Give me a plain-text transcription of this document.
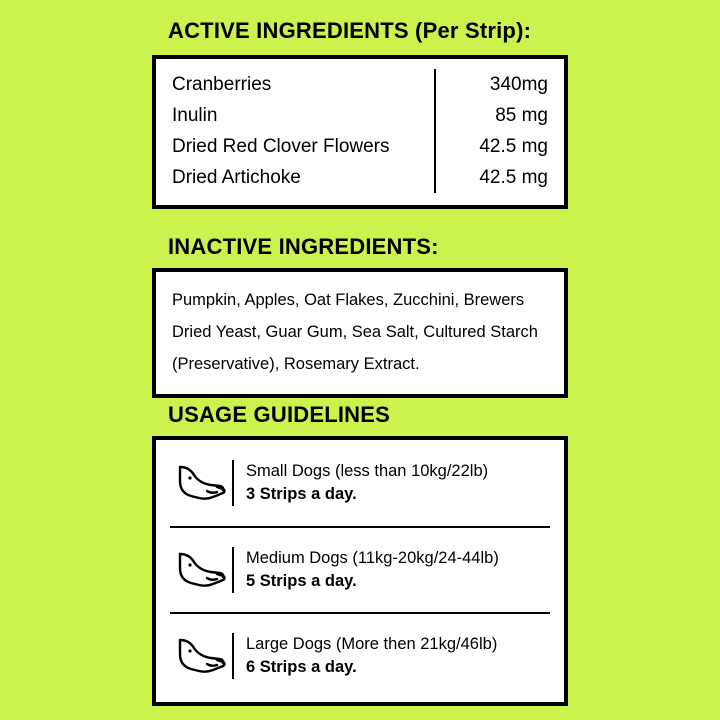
ACTIVE INGREDIENTS (Per Strip):
Cranberries	340mg
Inulin	85 mg
Dried Red Clover Flowers	42.5 mg
Dried Artichoke	42.5 mg
INACTIVE INGREDIENTS:
Pumpkin, Apples, Oat Flakes, Zucchini, Brewers Dried Yeast, Guar Gum, Sea Salt, Cultured Starch (Preservative), Rosemary Extract.
USAGE GUIDELINES
Small Dogs (less than 10kg/22lb)
3 Strips a day.
Medium Dogs (11kg-20kg/24-44lb)
5 Strips a day.
Large Dogs (More then 21kg/46lb)
6 Strips a day.
